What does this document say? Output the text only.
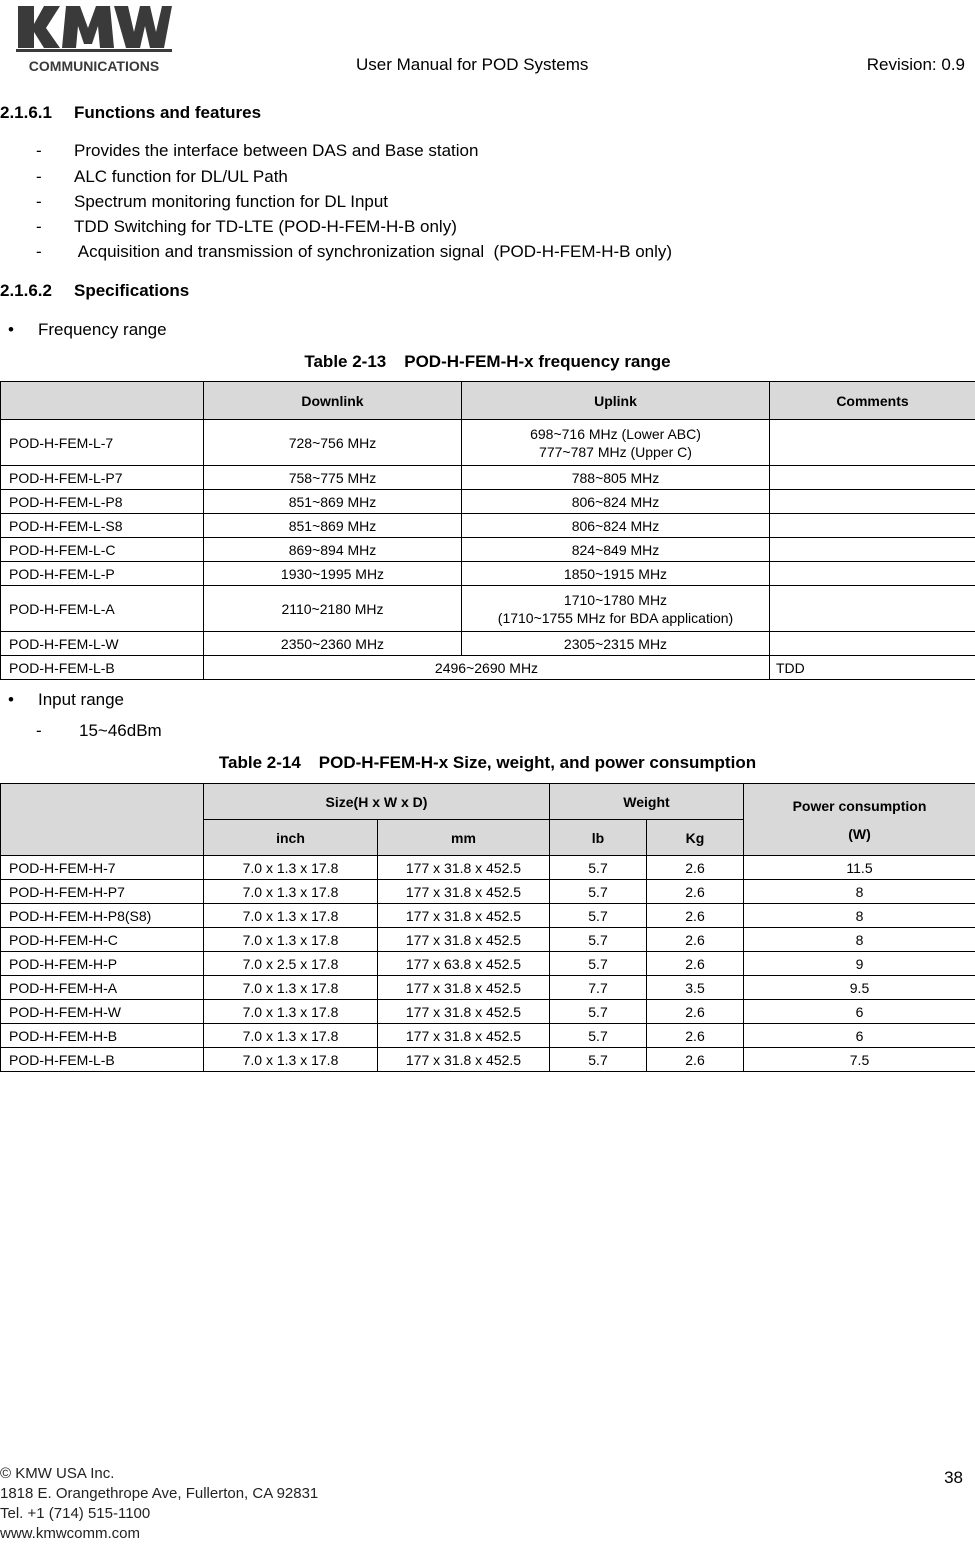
COMMUNICATIONS	User Manual for POD Systems	Revision: 0.9
2.1.6.1 Functions and features
- Provides the interface between DAS and Base station
- ALC function for DL/UL Path
- Spectrum monitoring function for DL Input
- TDD Switching for TD-LTE (POD-H-FEM-H-B only)
- Acquisition and transmission of synchronization signal  (POD-H-FEM-H-B only)
2.1.6.2 Specifications
• Frequency range
Table 2-13 POD-H-FEM-H-x frequency range
	Downlink	Uplink	Comments
POD-H-FEM-L-7	728~756 MHz	698~716 MHz (Lower ABC)
777~787 MHz (Upper C)	

POD-H-FEM-L-P7	758~775 MHz	788~805 MHz	
POD-H-FEM-L-P8	851~869 MHz	806~824 MHz	
POD-H-FEM-L-S8	851~869 MHz	806~824 MHz	
POD-H-FEM-L-C	869~894 MHz	824~849 MHz	
POD-H-FEM-L-P	1930~1995 MHz	1850~1915 MHz	
POD-H-FEM-L-A	2110~2180 MHz	1710~1780 MHz
(1710~1755 MHz for BDA application)	

POD-H-FEM-L-W	2350~2360 MHz	2305~2315 MHz	
POD-H-FEM-L-B	2496~2690 MHz		TDD
• Input range
- 15~46dBm
Table 2-14 POD-H-FEM-H-x Size, weight, and power consumption
	Size(H x W x D)		Weight		Power consumption
(W)

	inch	mm	lb	Kg	
POD-H-FEM-H-7	7.0 x 1.3 x 17.8	177 x 31.8 x 452.5	5.7	2.6	11.5
POD-H-FEM-H-P7	7.0 x 1.3 x 17.8	177 x 31.8 x 452.5	5.7	2.6	8
POD-H-FEM-H-P8(S8)	7.0 x 1.3 x 17.8	177 x 31.8 x 452.5	5.7	2.6	8
POD-H-FEM-H-C	7.0 x 1.3 x 17.8	177 x 31.8 x 452.5	5.7	2.6	8
POD-H-FEM-H-P	7.0 x 2.5 x 17.8	177 x 63.8 x 452.5	5.7	2.6	9
POD-H-FEM-H-A	7.0 x 1.3 x 17.8	177 x 31.8 x 452.5	7.7	3.5	9.5
POD-H-FEM-H-W	7.0 x 1.3 x 17.8	177 x 31.8 x 452.5	5.7	2.6	6
POD-H-FEM-H-B	7.0 x 1.3 x 17.8	177 x 31.8 x 452.5	5.7	2.6	6
POD-H-FEM-L-B	7.0 x 1.3 x 17.8	177 x 31.8 x 452.5	5.7	2.6	7.5
© KMW USA Inc.
1818 E. Orangethrope Ave, Fullerton, CA 92831
Tel. +1 (714) 515-1100
www.kmwcomm.com
38
